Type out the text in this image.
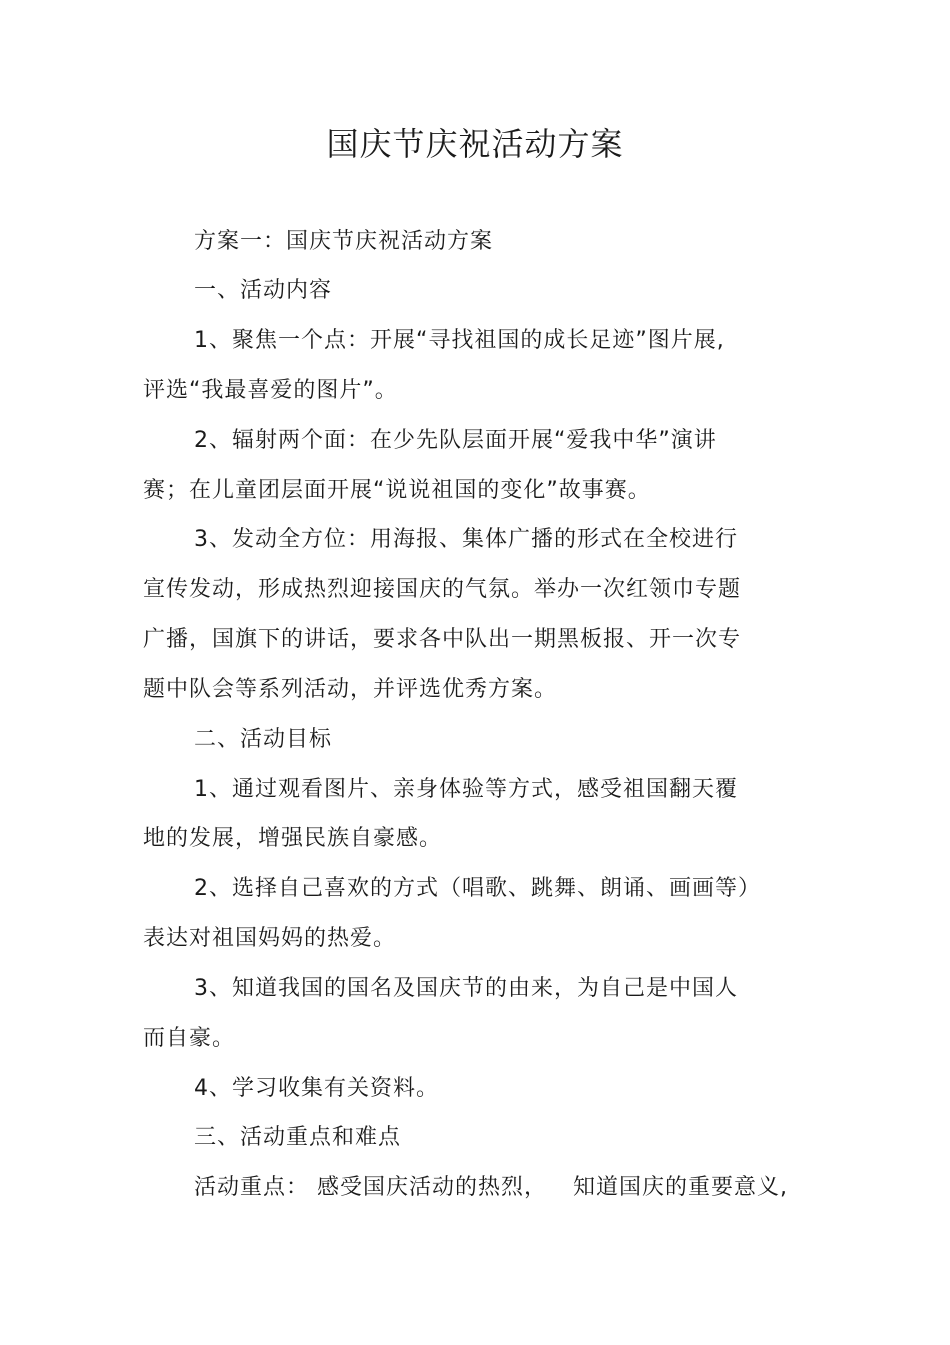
国庆节庆祝活动方案
方案一：国庆节庆祝活动方案
一、活动内容
1、聚焦一个点：开展“寻找祖国的成长足迹”图片展,
评选“我最喜爱的图片”。
2、辐射两个面：在少先队层面开展“爱我中华”演讲
赛；在儿童团层面开展“说说祖国的变化”故事赛。
3、发动全方位：用海报、集体广播的形式在全校进行
宣传发动，形成热烈迎接国庆的气氛。举办一次红领巾专题
广播，国旗下的讲话，要求各中队出一期黑板报、开一次专
题中队会等系列活动，并评选优秀方案。
二、活动目标
1、通过观看图片、亲身体验等方式，感受祖国翻天覆
地的发展，增强民族自豪感。
2、选择自己喜欢的方式（唱歌、跳舞、朗诵、画画等）
表达对祖国妈妈的热爱。
3、知道我国的国名及国庆节的由来，为自己是中国人
而自豪。
4、学习收集有关资料。
三、活动重点和难点
活动重点： 感受国庆活动的热烈， 知道国庆的重要意义,
